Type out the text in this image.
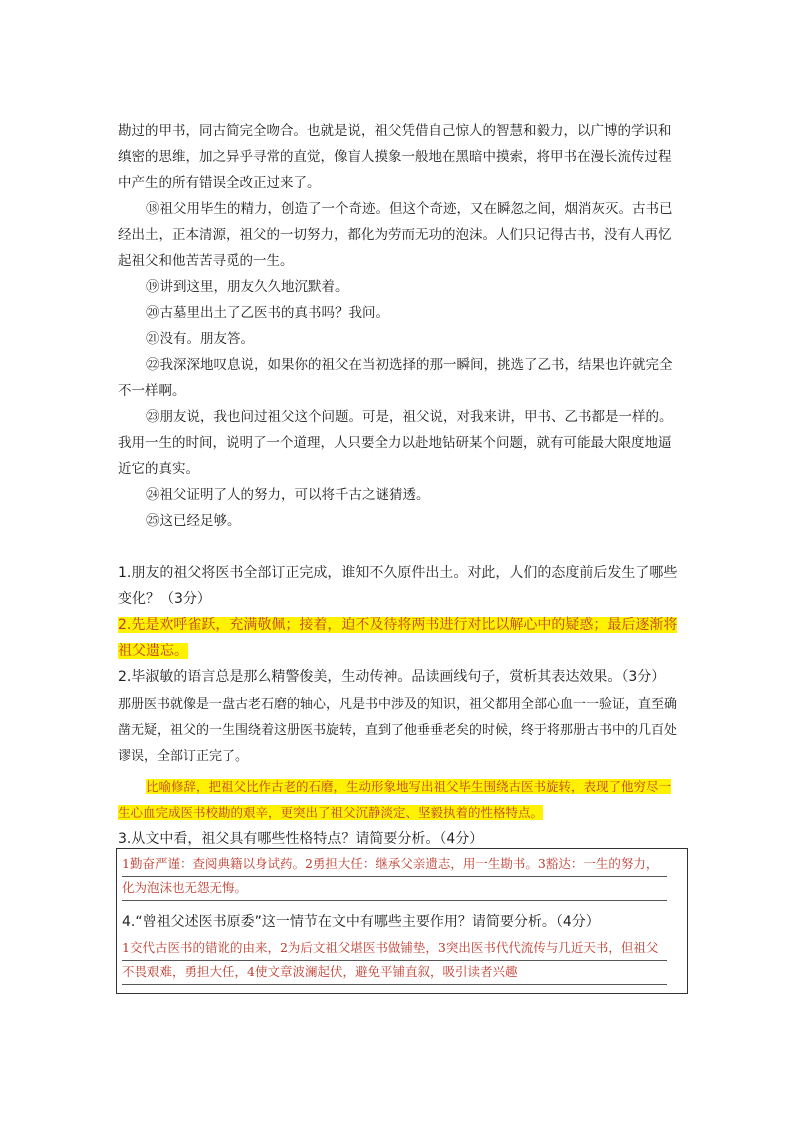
勘过的甲书，同古简完全吻合。也就是说，祖父凭借自己惊人的智慧和毅力，以广博的学识和缜密的思维，加之异乎寻常的直觉，像盲人摸象一般地在黑暗中摸索，将甲书在漫长流传过程中产生的所有错误全改正过来了。
⑱祖父用毕生的精力，创造了一个奇迹。但这个奇迹，又在瞬忽之间，烟消灰灭。古书已经出土，正本清源，祖父的一切努力，都化为劳而无功的泡沫。人们只记得古书，没有人再忆起祖父和他苦苦寻觅的一生。
⑲讲到这里，朋友久久地沉默着。
⑳古墓里出土了乙医书的真书吗？我问。
㉑没有。朋友答。
㉒我深深地叹息说，如果你的祖父在当初选择的那一瞬间，挑选了乙书，结果也许就完全不一样啊。
㉓朋友说，我也问过祖父这个问题。可是，祖父说，对我来讲，甲书、乙书都是一样的。我用一生的时间，说明了一个道理，人只要全力以赴地钻研某个问题，就有可能最大限度地逼近它的真实。
㉔祖父证明了人的努力，可以将千古之谜猜透。
㉕这已经足够。
1.朋友的祖父将医书全部订正完成，谁知不久原件出土。对此，人们的态度前后发生了哪些变化？（3分）
2.先是欢呼雀跃，充满敬佩；接着，迫不及待将两书进行对比以解心中的疑惑；最后逐渐将祖父遗忘。
2.毕淑敏的语言总是那么精警俊美，生动传神。品读画线句子，赏析其表达效果。（3分）
那册医书就像是一盘古老石磨的轴心，凡是书中涉及的知识，祖父都用全部心血一一验证，直至确凿无疑，祖父的一生围绕着这册医书旋转，直到了他垂垂老矣的时候，终于将那册古书中的几百处谬误，全部订正完了。
比喻修辞，把祖父比作古老的石磨，生动形象地写出祖父毕生围绕古医书旋转，表现了他穷尽一生心血完成医书校勘的艰辛，更突出了祖父沉静淡定、坚毅执着的性格特点。
3.从文中看，祖父具有哪些性格特点？请简要分析。（4分）
1勤奋严谨：查阅典籍以身试药。2勇担大任：继承父亲遗志，用一生勘书。3豁达：一生的努力，化为泡沫也无怨无悔。
4.“曾祖父述医书原委”这一情节在文中有哪些主要作用？请简要分析。（4分）
1交代古医书的错讹的由来，2为后文祖父堪医书做铺垫，3突出医书代代流传与几近天书，但祖父不畏艰难，勇担大任，4使文章波澜起伏，避免平铺直叙，吸引读者兴趣
